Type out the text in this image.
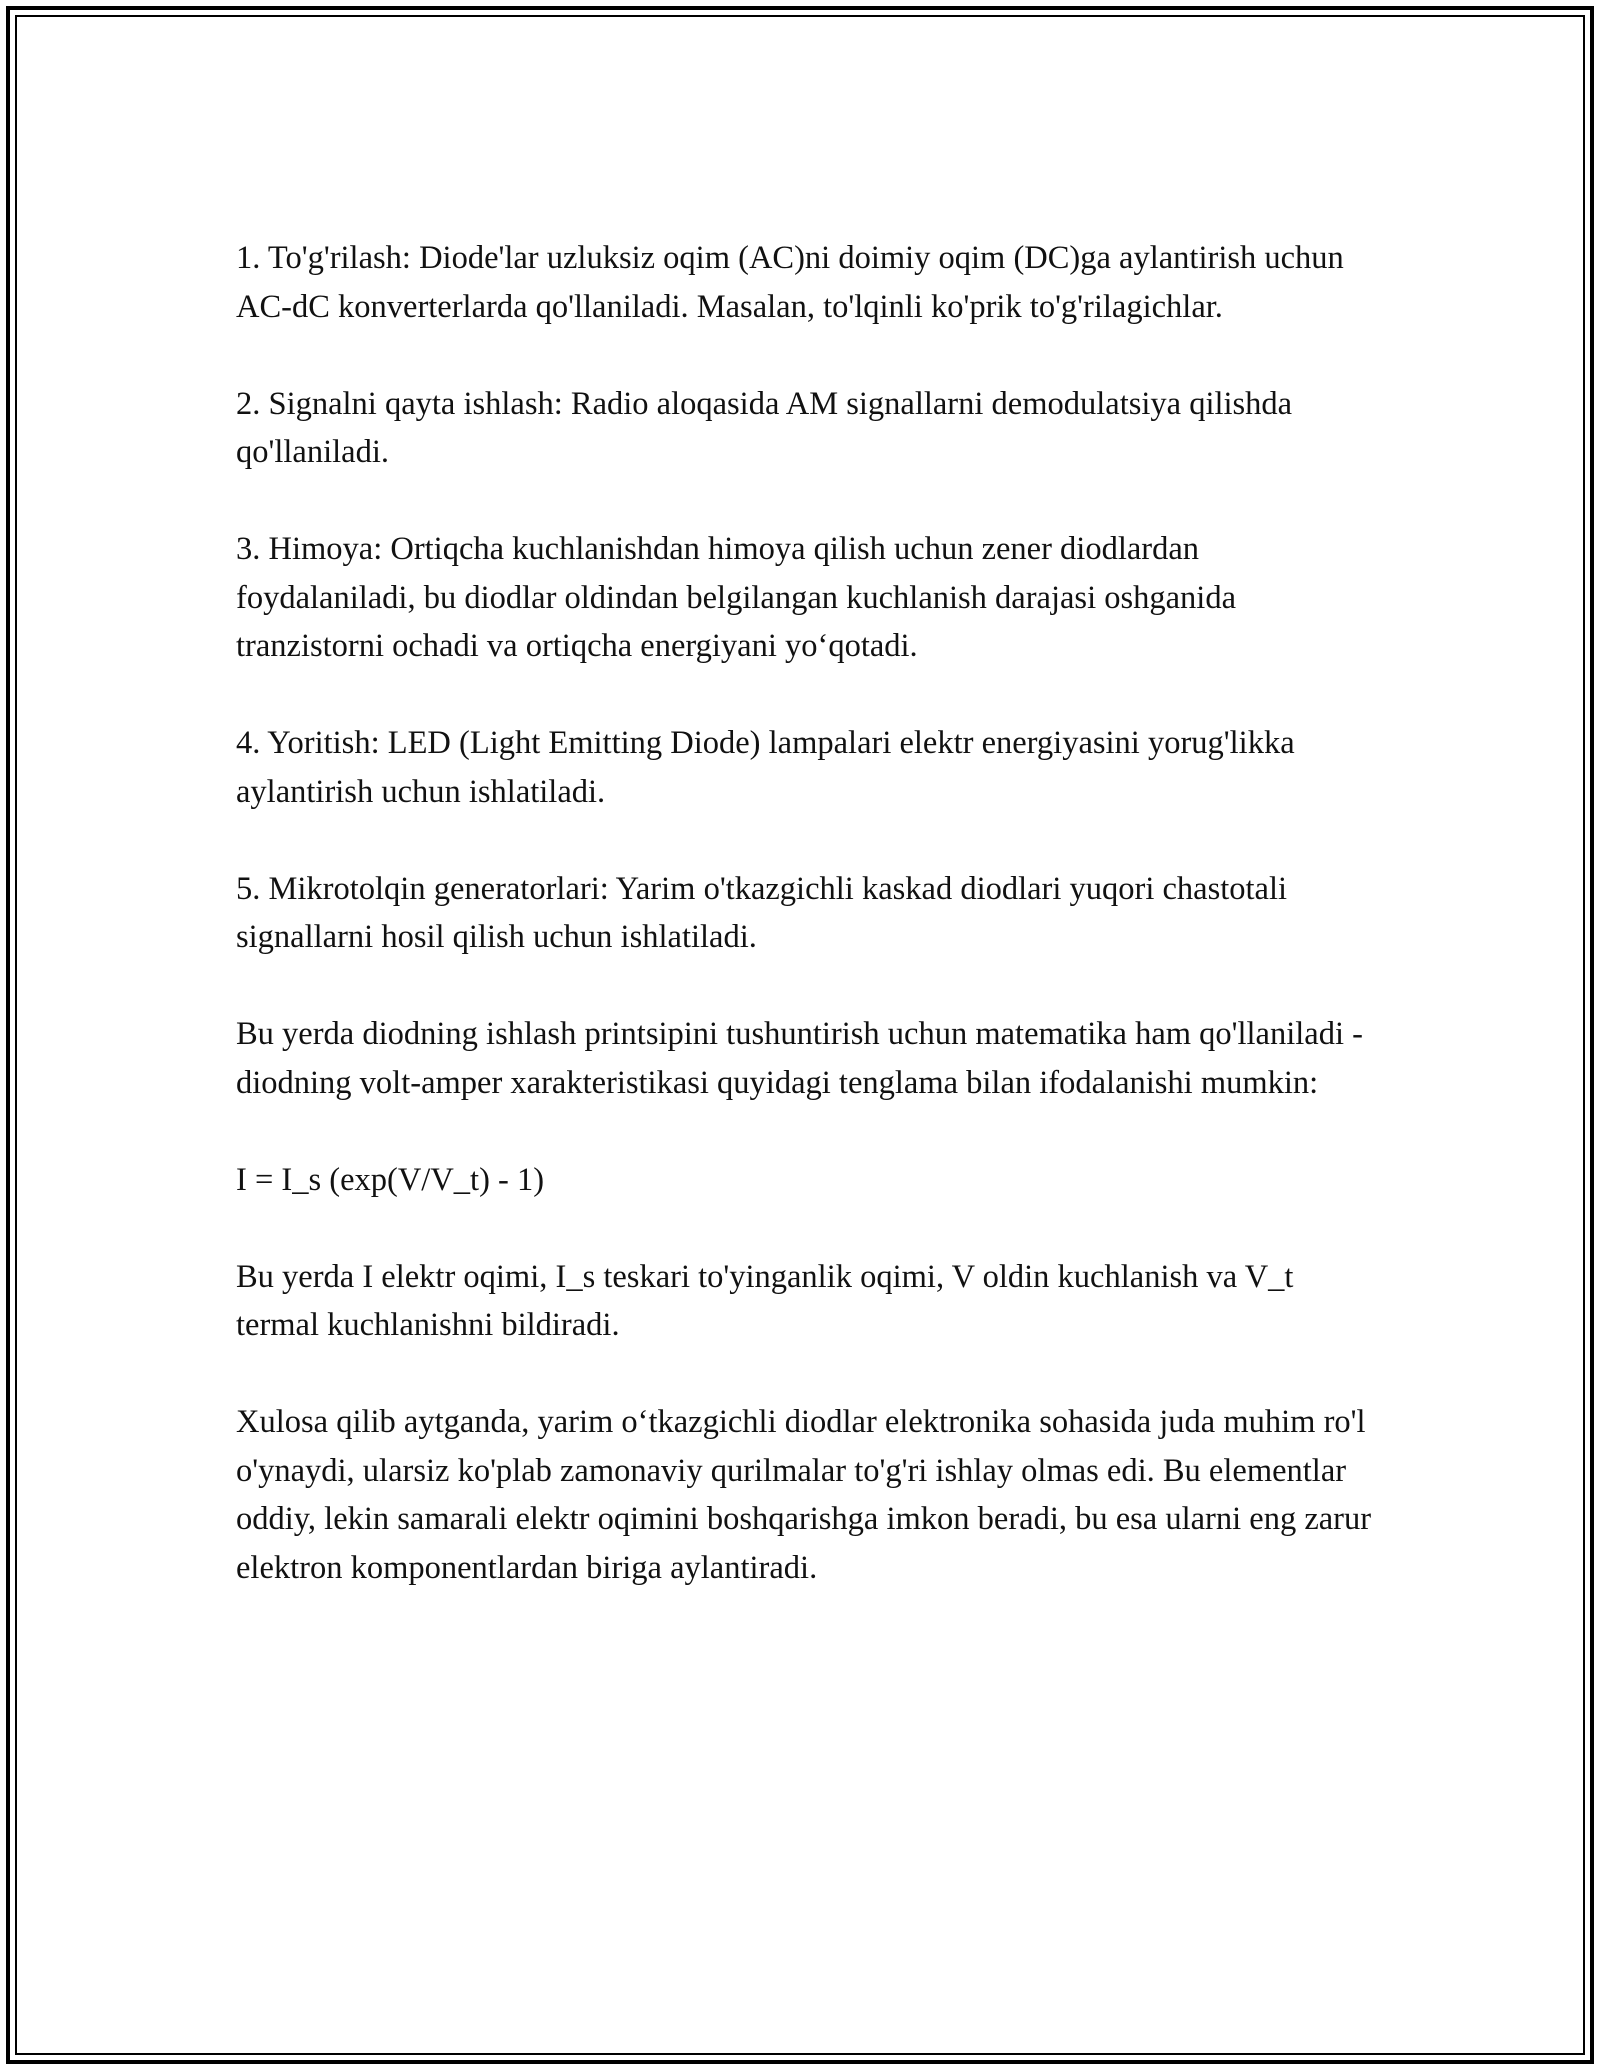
1. To'g'rilash: Diode'lar uzluksiz oqim (AC)ni doimiy oqim (DC)ga aylantirish uchun AC-dC konverterlarda qo'llaniladi. Masalan, to'lqinli ko'prik to'g'rilagichlar.

2. Signalni qayta ishlash: Radio aloqasida AM signallarni demodulatsiya qilishda qo'llaniladi.

3. Himoya: Ortiqcha kuchlanishdan himoya qilish uchun zener diodlardan foydalaniladi, bu diodlar oldindan belgilangan kuchlanish darajasi oshganida tranzistorni ochadi va ortiqcha energiyani yo‘qotadi.

4. Yoritish: LED (Light Emitting Diode) lampalari elektr energiyasini yorug'likka aylantirish uchun ishlatiladi.

5. Mikrotolqin generatorlari: Yarim o'tkazgichli kaskad diodlari yuqori chastotali signallarni hosil qilish uchun ishlatiladi.

Bu yerda diodning ishlash printsipini tushuntirish uchun matematika ham qo'llaniladi - diodning volt-amper xarakteristikasi quyidagi tenglama bilan ifodalanishi mumkin:

I = I_s (exp(V/V_t) - 1)

Bu yerda I elektr oqimi, I_s teskari to'yinganlik oqimi, V oldin kuchlanish va V_t termal kuchlanishni bildiradi.

Xulosa qilib aytganda, yarim o‘tkazgichli diodlar elektronika sohasida juda muhim ro'l o'ynaydi, ularsiz ko'plab zamonaviy qurilmalar to'g'ri ishlay olmas edi. Bu elementlar oddiy, lekin samarali elektr oqimini boshqarishga imkon beradi, bu esa ularni eng zarur elektron komponentlardan biriga aylantiradi.
